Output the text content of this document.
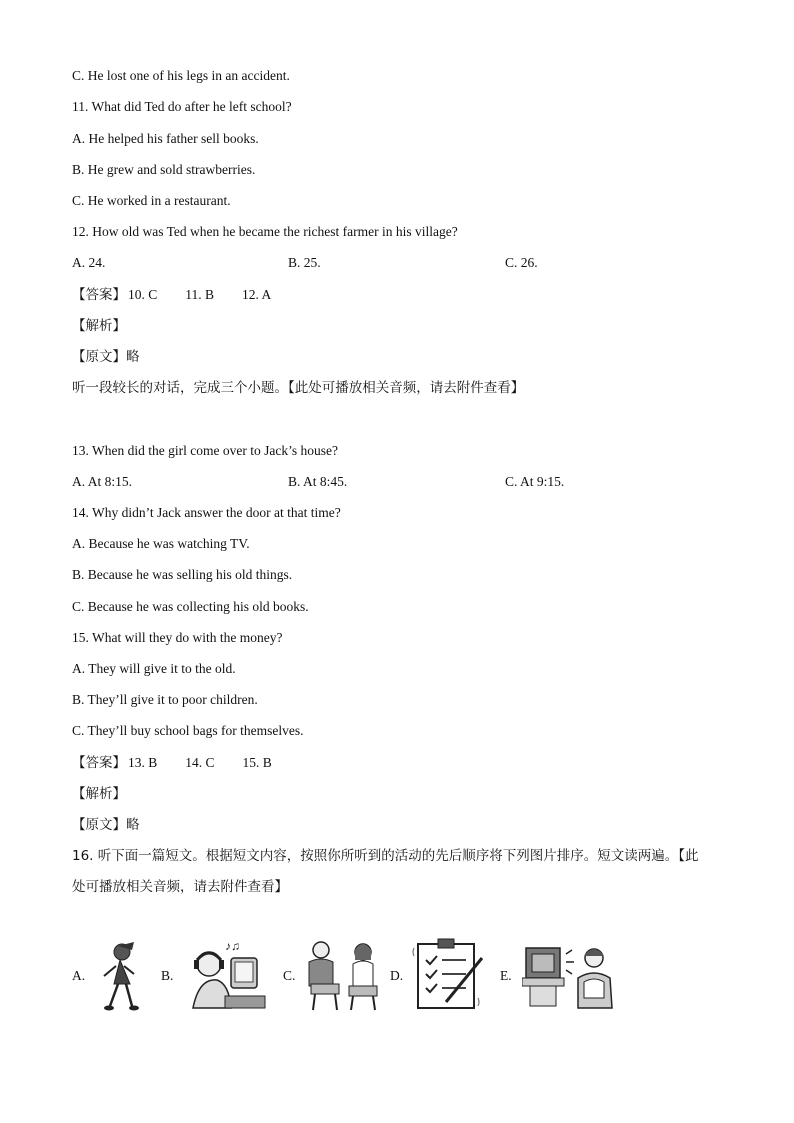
C. He lost one of his legs in an accident.
11. What did Ted do after he left school?
A. He helped his father sell books.
B. He grew and sold strawberries.
C. He worked in a restaurant.
12. How old was Ted when he became the richest farmer in his village?
A. 24.	B. 25.	C. 26.
【答案】 10. C 11. B 12. A
【解析】
【原文】略
听一段较长的对话，完成三个小题。【此处可播放相关音频，请去附件查看】
13. When did the girl come over to Jack’s house?
A. At 8:15.	B. At 8:45.	C. At 9:15.
14. Why didn’t Jack answer the door at that time?
A. Because he was watching TV.
B. Because he was selling his old things.
C. Because he was collecting his old books.
15. What will they do with the money?
A. They will give it to the old.
B. They’ll give it to poor children.
C. They’ll buy school bags for themselves.
【答案】 13. B 14. C 15. B
【解析】
【原文】略
16. 听下面一篇短文。根据短文内容，按照你所听到的活动的先后顺序将下列图片排序。短文读两遍。【此
处可播放相关音频，请去附件查看】
A.	B.
♪♫
C.	D.	E.
